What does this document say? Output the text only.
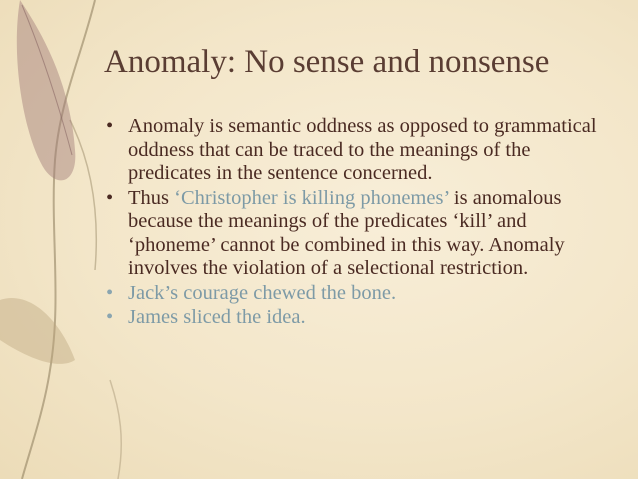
Anomaly: No sense and nonsense
• Anomaly is semantic oddness as opposed to grammatical oddness that can be traced to the meanings of the predicates in the sentence concerned.
• Thus ‘Christopher is killing phonemes’ is anomalous because the meanings of the predicates ‘kill’ and ‘phoneme’ cannot be combined in this way. Anomaly involves the violation of a selectional restriction.
• Jack’s courage chewed the bone.
• James sliced the idea.
